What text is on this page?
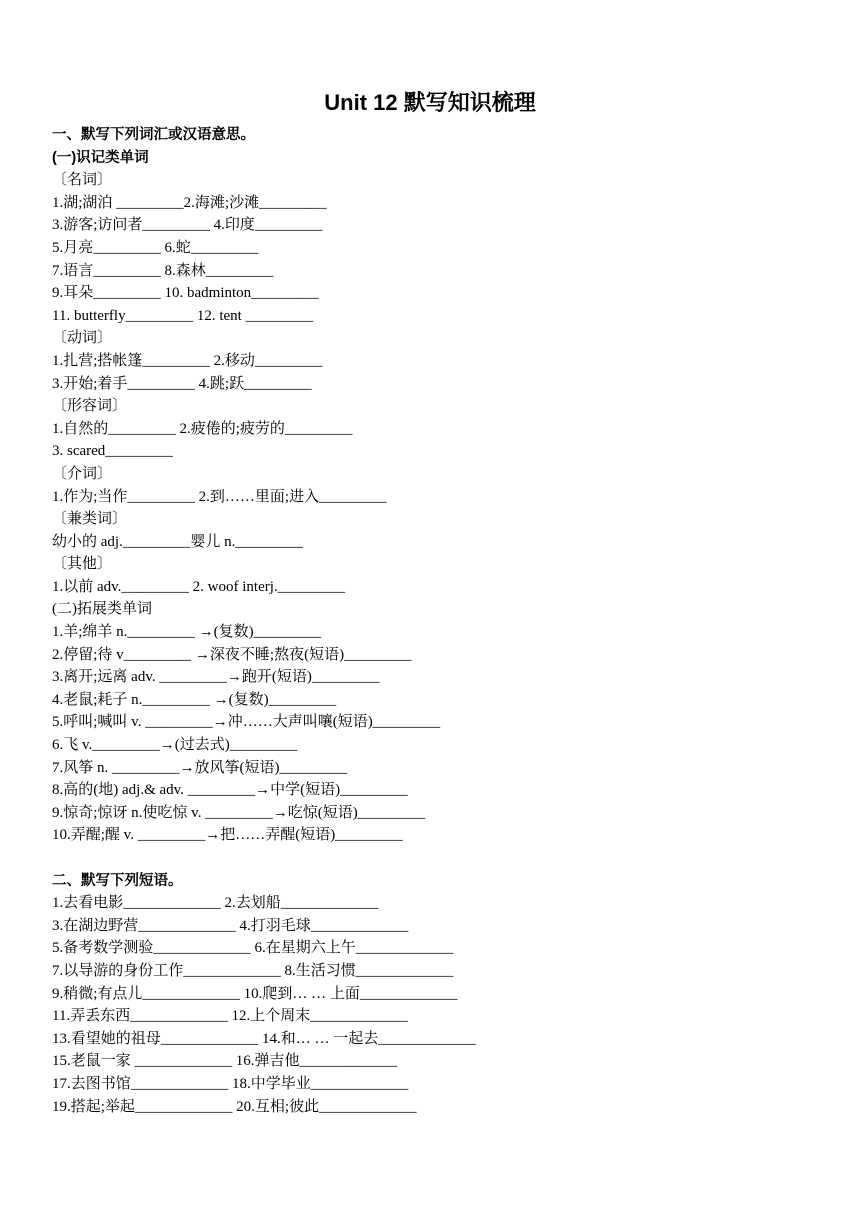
Unit 12 默写知识梳理
一、默写下列词汇或汉语意思。
(一)识记类单词
〔名词〕
1.湖;湖泊 _________2.海滩;沙滩_________
3.游客;访问者_________ 4.印度_________
5.月亮_________ 6.蛇_________
7.语言_________ 8.森林_________
9.耳朵_________ 10. badminton_________
11. butterfly_________ 12. tent _________
〔动词〕
1.扎营;搭帐篷_________ 2.移动_________
3.开始;着手_________ 4.跳;跃_________
〔形容词〕
1.自然的_________ 2.疲倦的;疲劳的_________
3. scared_________
〔介词〕
1.作为;当作_________ 2.到……里面;进入_________
〔兼类词〕
幼小的 adj._________婴儿 n._________
〔其他〕
1.以前 adv._________ 2. woof interj._________
(二)拓展类单词
1.羊;绵羊 n._________ →(复数)_________
2.停留;待 v_________ →深夜不睡;熬夜(短语)_________
3.离开;远离 adv. _________→跑开(短语)_________
4.老鼠;耗子 n._________ →(复数)_________
5.呼叫;喊叫 v. _________→冲……大声叫嚷(短语)_________
6.飞 v._________→(过去式)_________
7.风筝 n. _________→放风筝(短语)_________
8.高的(地) adj.& adv. _________→中学(短语)_________
9.惊奇;惊讶 n.使吃惊 v. _________→吃惊(短语)_________
10.弄醒;醒 v. _________→把……弄醒(短语)_________
二、默写下列短语。
1.去看电影_____________ 2.去划船_____________
3.在湖边野营_____________ 4.打羽毛球_____________
5.备考数学测验_____________ 6.在星期六上午_____________
7.以导游的身份工作_____________ 8.生活习惯_____________
9.稍微;有点儿_____________ 10.爬到… … 上面_____________
11.弄丢东西_____________ 12.上个周末_____________
13.看望她的祖母_____________ 14.和… … 一起去_____________
15.老鼠一家 _____________ 16.弹吉他_____________
17.去图书馆_____________ 18.中学毕业_____________
19.搭起;举起_____________ 20.互相;彼此_____________
